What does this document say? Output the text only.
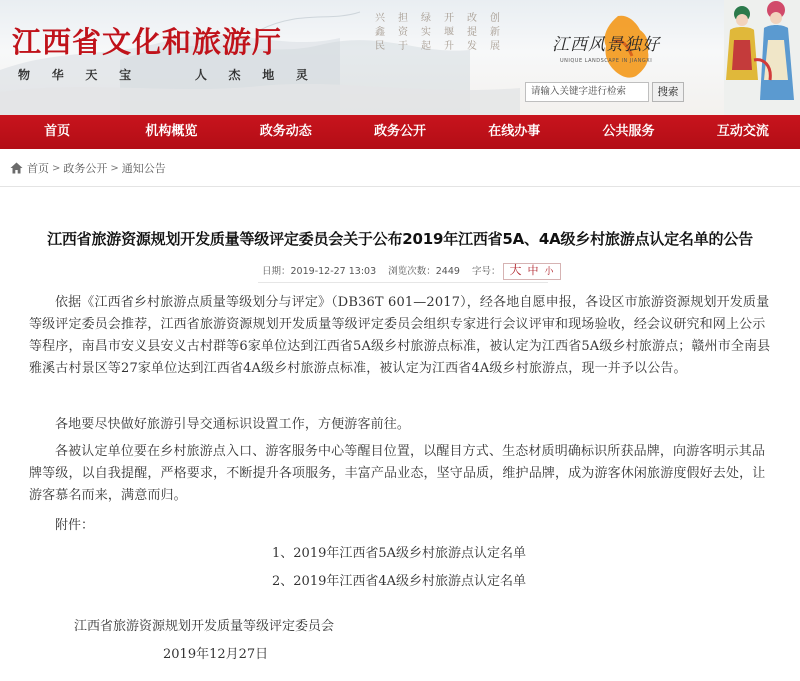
江西省文化和旅游厅
物 华 天 宝	人 杰 地 灵
兴
鑫
民
担
资
于
绿
实
起
开
堰
升
改
提
发
创
新
展	江西风景独好
UNIQUE LANDSCAPE IN JIANGXI
请输入关键字进行检索	搜索
首页	机构概览	政务动态	政务公开	在线办事	公共服务	互动交流
首页 > 政务公开 > 通知公告
江西省旅游资源规划开发质量等级评定委员会关于公布2019年江西省5A、4A级乡村旅游点认定名单的公告
日期：2019-12-27 13:03 浏览次数：2449 字号： 大 中 小
依据《江西省乡村旅游点质量等级划分与评定》（DB36T 601—2017），经各地自愿申报，各设区市旅游资源规划开发质量等级评定委员会推荐，江西省旅游资源规划开发质量等级评定委员会组织专家进行会议评审和现场验收，经会议研究和网上公示等程序，南昌市安义县安义古村群等6家单位达到江西省5A级乡村旅游点标准，被认定为江西省5A级乡村旅游点；赣州市全南县雅溪古村景区等27家单位达到江西省4A级乡村旅游点标准，被认定为江西省4A级乡村旅游点，现一并予以公告。
各地要尽快做好旅游引导交通标识设置工作，方便游客前往。
各被认定单位要在乡村旅游点入口、游客服务中心等醒目位置，以醒目方式、生态材质明确标识所获品牌，向游客明示其品牌等级，以自我提醒，严格要求，不断提升各项服务，丰富产品业态，坚守品质，维护品牌，成为游客休闲旅游度假好去处，让游客慕名而来，满意而归。
附件：
1、2019年江西省5A级乡村旅游点认定名单
2、2019年江西省4A级乡村旅游点认定名单
江西省旅游资源规划开发质量等级评定委员会
2019年12月27日
